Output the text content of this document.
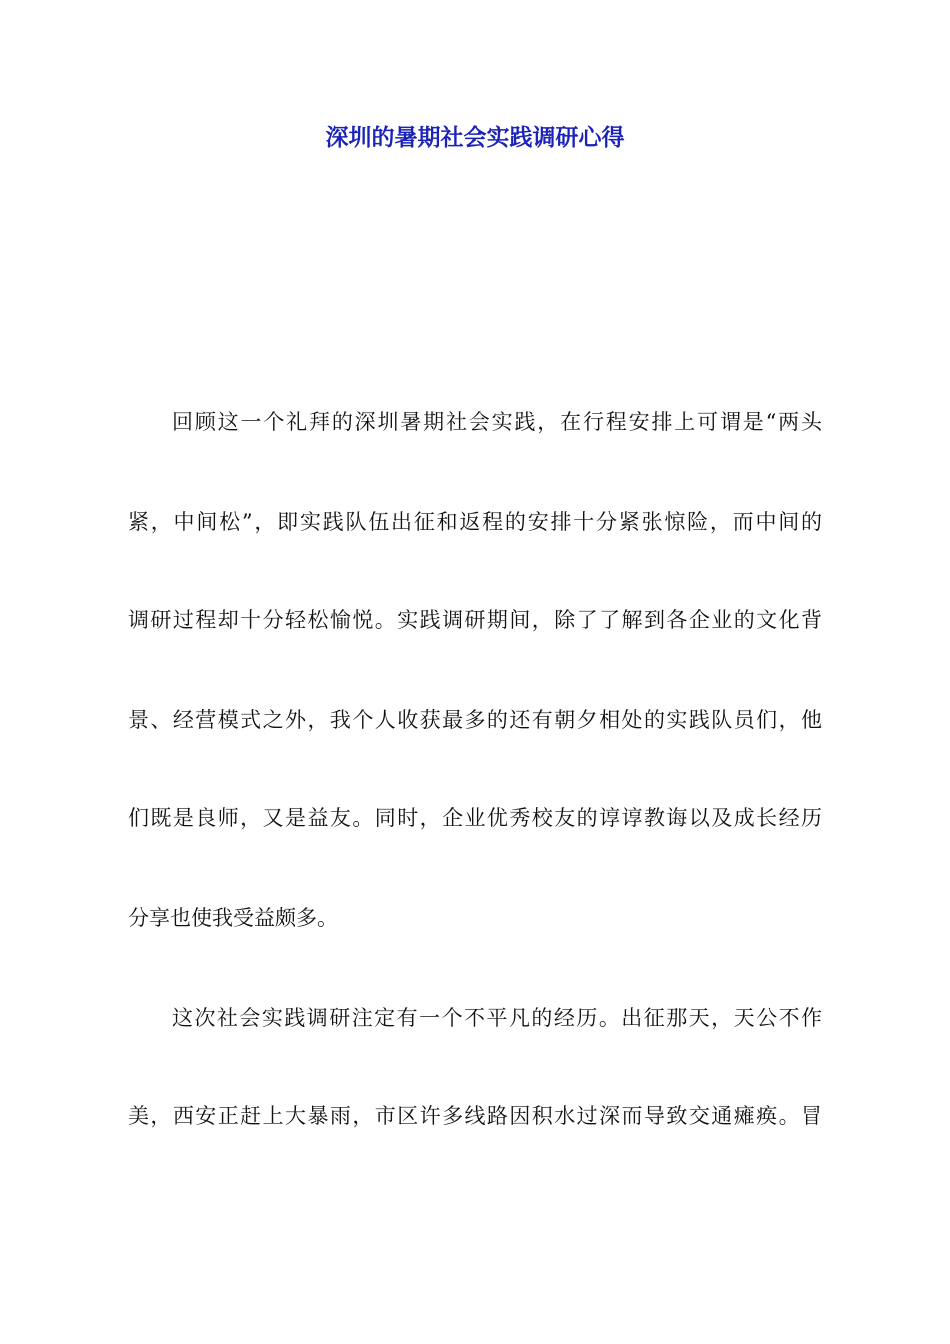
深圳的暑期社会实践调研心得
回顾这一个礼拜的深圳暑期社会实践，在行程安排上可谓是“两头
紧，中间松”，即实践队伍出征和返程的安排十分紧张惊险，而中间的
调研过程却十分轻松愉悦。实践调研期间，除了了解到各企业的文化背
景、经营模式之外，我个人收获最多的还有朝夕相处的实践队员们，他
们既是良师，又是益友。同时，企业优秀校友的谆谆教诲以及成长经历
分享也使我受益颇多。
这次社会实践调研注定有一个不平凡的经历。出征那天，天公不作
美，西安正赶上大暴雨，市区许多线路因积水过深而导致交通瘫痪。冒
